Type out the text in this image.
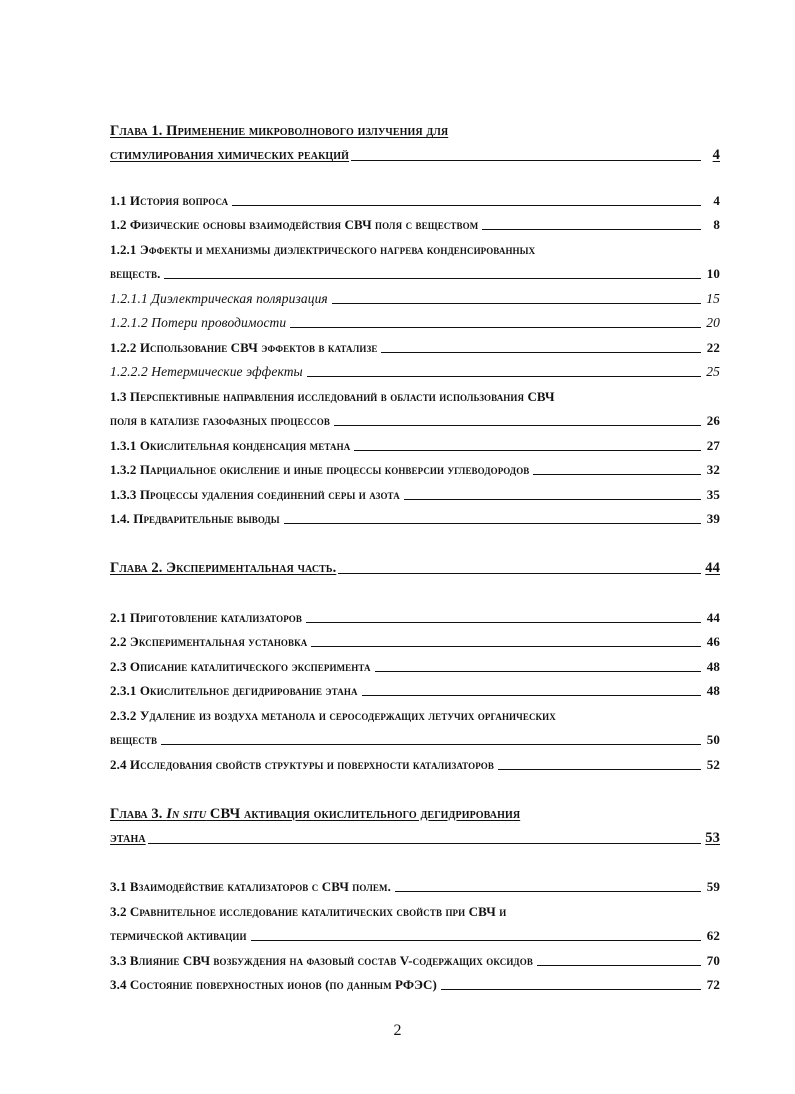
Глава 1. Применение микроволнового излучения для
стимулирования химических реакций	4
1.1 История вопроса	4
1.2 Физические основы взаимодействия СВЧ поля с веществом	8
1.2.1 Эффекты и механизмы диэлектрического нагрева конденсированных
веществ.	10
1.2.1.1 Диэлектрическая поляризация	15
1.2.1.2 Потери проводимости	20
1.2.2 Использование СВЧ эффектов в катализе	22
1.2.2.2 Нетермические эффекты	25
1.3 Перспективные направления исследований в области использования СВЧ
поля в катализе газофазных процессов	26
1.3.1 Окислительная конденсация метана	27
1.3.2 Парциальное окисление и иные процессы конверсии углеводородов	32
1.3.3 Процессы удаления соединений серы и азота	35
1.4. Предварительные выводы	39
Глава 2. Экспериментальная часть.	44
2.1 Приготовление катализаторов	44
2.2 Экспериментальная установка	46
2.3 Описание каталитического эксперимента	48
2.3.1 Окислительное дегидрирование этана	48
2.3.2 Удаление из воздуха метанола и серосодержащих летучих органических
веществ	50
2.4 Исследования свойств структуры и поверхности катализаторов	52
Глава 3. In situ СВЧ активация окислительного дегидрирования
этана	53
3.1 Взаимодействие катализаторов с СВЧ полем.	59
3.2 Сравнительное исследование каталитических свойств при СВЧ и
термической активации	62
3.3 Влияние СВЧ возбуждения на фазовый состав V-содержащих оксидов	70
3.4 Состояние поверхностных ионов (по данным РФЭС)	72
2
